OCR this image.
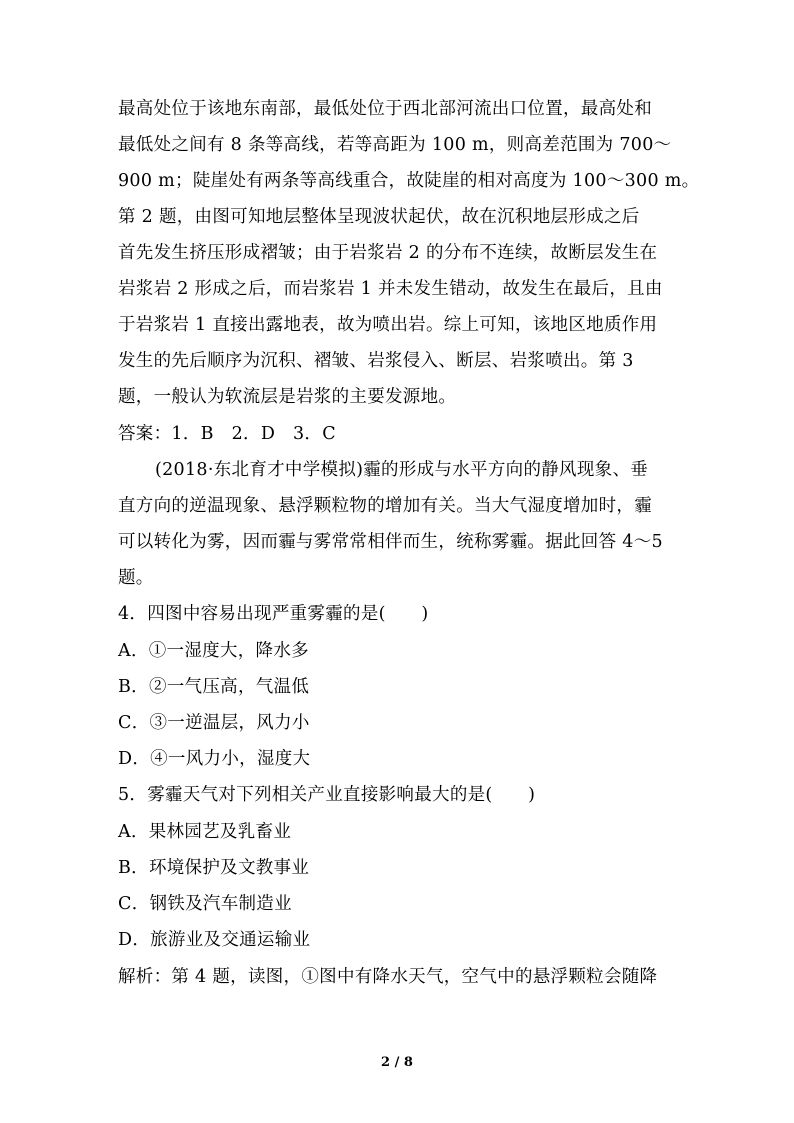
最高处位于该地东南部，最低处位于西北部河流出口位置，最高处和
最低处之间有 8 条等高线，若等高距为 100 m，则高差范围为 700～
900 m；陡崖处有两条等高线重合，故陡崖的相对高度为 100～300 m。
第 2 题，由图可知地层整体呈现波状起伏，故在沉积地层形成之后
首先发生挤压形成褶皱；由于岩浆岩 2 的分布不连续，故断层发生在
岩浆岩 2 形成之后，而岩浆岩 1 并未发生错动，故发生在最后，且由
于岩浆岩 1 直接出露地表，故为喷出岩。综上可知，该地区地质作用
发生的先后顺序为沉积、褶皱、岩浆侵入、断层、岩浆喷出。第 3
题，一般认为软流层是岩浆的主要发源地。
答案：1．B　2．D　3．C
(2018·东北育才中学模拟)霾的形成与水平方向的静风现象、垂
直方向的逆温现象、悬浮颗粒物的增加有关。当大气湿度增加时，霾
可以转化为雾，因而霾与雾常常相伴而生，统称雾霾。据此回答 4～5
题。
4．四图中容易出现严重雾霾的是(　　)
A．①一湿度大，降水多
B．②一气压高，气温低
C．③一逆温层，风力小
D．④一风力小，湿度大
5．雾霾天气对下列相关产业直接影响最大的是(　　)
A．果林园艺及乳畜业
B．环境保护及文教事业
C．钢铁及汽车制造业
D．旅游业及交通运输业
解析：第 4 题，读图，①图中有降水天气，空气中的悬浮颗粒会随降
2 / 8
